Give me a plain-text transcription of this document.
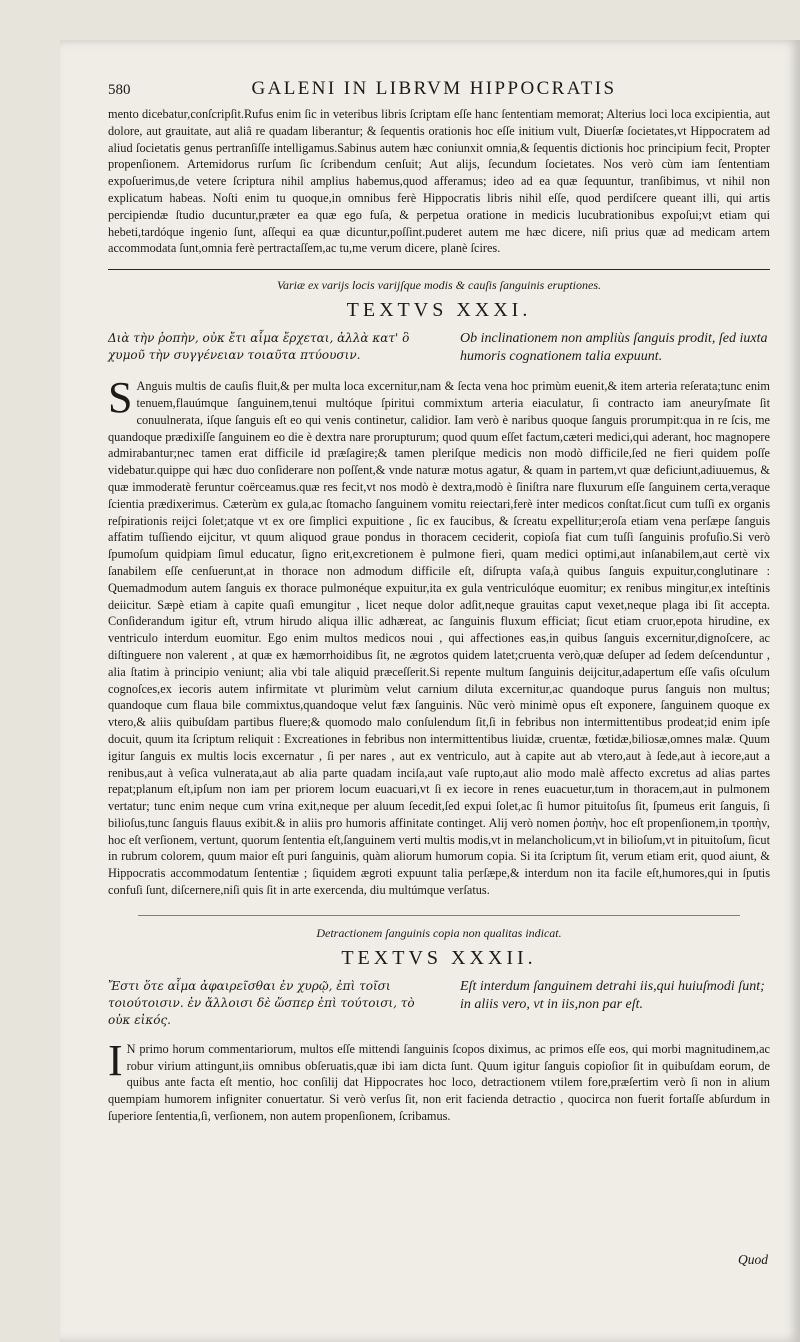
580	GALENI IN LIBRVM HIPPOCRATIS

mento dicebatur,conſcripſit.Rufus enim ſic in veteribus libris ſcriptam eſſe hanc ſententiam memorat; Alterius loci loca excipientia, aut dolore, aut grauitate, aut aliâ re quadam liberantur; & ſequentis orationis hoc eſſe initium vult, Diuerſæ ſocietates,vt Hippocratem ad aliud ſocietatis genus pertranſiſſe intelligamus.Sabinus autem hæc coniunxit omnia,& ſequentis dictionis hoc principium fecit, Propter propenſionem. Artemidorus rurſum ſic ſcribendum cenſuit; Aut alijs, ſecundum ſocietates. Nos verò cùm iam ſententiam expoſuerimus,de vetere ſcriptura nihil amplius habemus,quod afferamus; ideo ad ea quæ ſequuntur, tranſibimus, vt nihil non explicatum habeas. Noſti enim tu quoque,in omnibus ferè Hippocratis libris nihil eſſe, quod perdiſcere queant illi, qui artis percipiendæ ſtudio ducuntur,præter ea quæ ego fuſa, & perpetua oratione in medicis lucubrationibus expoſui;vt etiam qui hebeti,tardóque ingenio ſunt, aſſequi ea quæ dicuntur,poſſint.puderet autem me hæc dicere, niſi prius quæ ad medicam artem accommodata ſunt,omnia ferè pertractaſſem,ac tu,me verum dicere, planè ſcires.

Variæ ex varijs locis varijſque modis & cauſis ſanguinis eruptiones.
TEXTVS XXXI.
Διὰ τὴν ῥοπὴν, οὐκ ἔτι αἷμα ἔρχεται, ἀλλὰ κατ' ὃ χυμοῦ τὴν συγγένειαν τοιαῦτα πτύουσιν.
Ob inclinationem non ampliùs ſanguis prodit, ſed iuxta humoris cognationem talia expuunt.

S Anguis multis de cauſis fluit,& per multa loca excernitur,nam & ſecta vena hoc primùm euenit,& item arteria reſerata;tunc enim tenuem,flauúmque ſanguinem,tenui multóque ſpiritui commixtum arteria eiaculatur, ſi contracto iam aneuryſmate ſit conuulnerata, iſque ſanguis eſt eo qui venis continetur, calidior. Iam verò è naribus quoque ſanguis prorumpit:qua in re ſcis, me quandoque prædixiſſe ſanguinem eo die è dextra nare prorupturum; quod quum eſſet factum,cæteri medici,qui aderant, hoc magnopere admirabantur;nec tamen erat difficile id præſagire;& tamen pleriſque medicis non modò difficile,ſed ne fieri quidem poſſe videbatur.quippe qui hæc duo conſiderare non poſſent,& vnde naturæ motus agatur, & quam in partem,vt quæ deficiunt,adiuuemus, & quæ immoderatè feruntur coërceamus.quæ res fecit,vt nos modò è dextra,modò è ſiniſtra nare fluxurum eſſe ſanguinem certa,veraque ſcientia prædixerimus. Cæterùm ex gula,ac ſtomacho ſanguinem vomitu reiectari,ferè inter medicos conſtat.ſicut cum tuſſi ex organis reſpirationis reijci ſolet;atque vt ex ore ſimplici expuitione , ſic ex faucibus, & ſcreatu expellitur;eroſa etiam vena perſæpe ſanguis affatim tuſſiendo eijcitur, vt quum aliquod graue pondus in thoracem ceciderit, copioſa fiat cum tuſſi ſanguinis profuſio.Si verò ſpumoſum quidpiam ſimul educatur, ſigno erit,excretionem è pulmone fieri, quam medici optimi,aut inſanabilem,aut certè vix ſanabilem eſſe cenſuerunt,at in thorace non admodum difficile eſt, diſrupta vaſa,à quibus ſanguis expuitur,conglutinare : Quemadmodum autem ſanguis ex thorace pulmonéque expuitur,ita ex gula ventriculóque euomitur; ex renibus mingitur,ex inteſtinis deiicitur. Sæpè etiam à capite quaſi emungitur , licet neque dolor adſit,neque grauitas caput vexet,neque plaga ibi ſit accepta. Conſiderandum igitur eſt, vtrum hirudo aliqua illic adhæreat, ac ſanguinis fluxum efficiat; ſicut etiam cruor,epota hirudine, ex ventriculo interdum euomitur. Ego enim multos medicos noui , qui affectiones eas,in quibus ſanguis excernitur,dignoſcere, ac diſtinguere non valerent , at quæ ex hæmorrhoidibus ſit, ne ægrotos quidem latet;cruenta verò,quæ deſuper ad ſedem deſcenduntur , alia ſtatim à principio veniunt; alia vbi tale aliquid præceſſerit.Si repente multum ſanguinis deijcitur,adapertum eſſe vaſis oſculum cognoſces,ex iecoris autem infirmitate vt plurimùm velut carnium diluta excernitur,ac quandoque purus ſanguis non multus; quandoque cum flaua bile commixtus,quandoque velut fæx ſanguinis. Nũc verò minimè opus eſt exponere, ſanguinem quoque ex vtero,& aliis quibuſdam partibus fluere;& quomodo malo conſulendum ſit,ſi in febribus non intermittentibus prodeat;id enim ipſe docuit, quum ita ſcriptum reliquit : Excreationes in febribus non intermittentibus liuidæ, cruentæ, fœtidæ,biliosæ,omnes malæ. Quum igitur ſanguis ex multis locis excernatur , ſi per nares , aut ex ventriculo, aut à capite aut ab vtero,aut à ſede,aut à iecore,aut a renibus,aut à veſica vulnerata,aut ab alia parte quadam inciſa,aut vaſe rupto,aut alio modo malè affecto excretus ad alias partes repat;planum eſt,ipſum non iam per priorem locum euacuari,vt ſi ex iecore in renes euacuetur,tum in thoracem,aut in pulmonem vertatur; tunc enim neque cum vrina exit,neque per aluum ſecedit,ſed expui ſolet,ac ſi humor pituitoſus ſit, ſpumeus erit ſanguis, ſi bilioſus,tunc ſanguis flauus exibit.& in aliis pro humoris affinitate continget. Alij verò nomen ῥοπὴν, hoc eſt propenſionem,in τροπὴν, hoc eſt verſionem, vertunt, quorum ſententia eſt,ſanguinem verti multis modis,vt in melancholicum,vt in bilioſum,vt in pituitoſum, ſicut in rubrum colorem, quum maior eſt puri ſanguinis, quàm aliorum humorum copia. Si ita ſcriptum ſit, verum etiam erit, quod aiunt, & Hippocratis accommodatum ſententiæ ; ſiquidem ægroti expuunt talia perſæpe,& interdum non ita facile eſt,humores,qui in ſputis confuſi ſunt, diſcernere,niſi quis ſit in arte exercenda, diu multúmque verſatus.

Detractionem ſanguinis copia non qualitas indicat.
TEXTVS XXXII.
Ἔστι ὅτε αἷμα ἀφαιρεῖσθαι ἐν χυρῷ, ἐπὶ τοῖσι τοιούτοισιν. ἐν ἄλλοισι δὲ ὥσπερ ἐπὶ τούτοισι, τὸ οὐκ εἰκός.
Eſt interdum ſanguinem detrahi iis,qui huiuſmodi ſunt; in aliis vero, vt in iis,non par eſt.

I N primo horum commentariorum, multos eſſe mittendi ſanguinis ſcopos diximus, ac primos eſſe eos, qui morbi magnitudinem,ac robur virium attingunt,iis omnibus obſeruatis,quæ ibi iam dicta ſunt. Quum igitur ſanguis copioſior ſit in quibuſdam eorum, de quibus ante facta eſt mentio, hoc conſilij dat Hippocrates hoc loco, detractionem vtilem fore,præſertim verò ſi non in alium quempiam humorem infigniter conuertatur. Si verò verſus ſit, non erit facienda detractio , quocirca non fuerit fortaſſe abſurdum in ſuperiore ſententia,ſi, verſionem, non autem propenſionem, ſcribamus.

Quod
